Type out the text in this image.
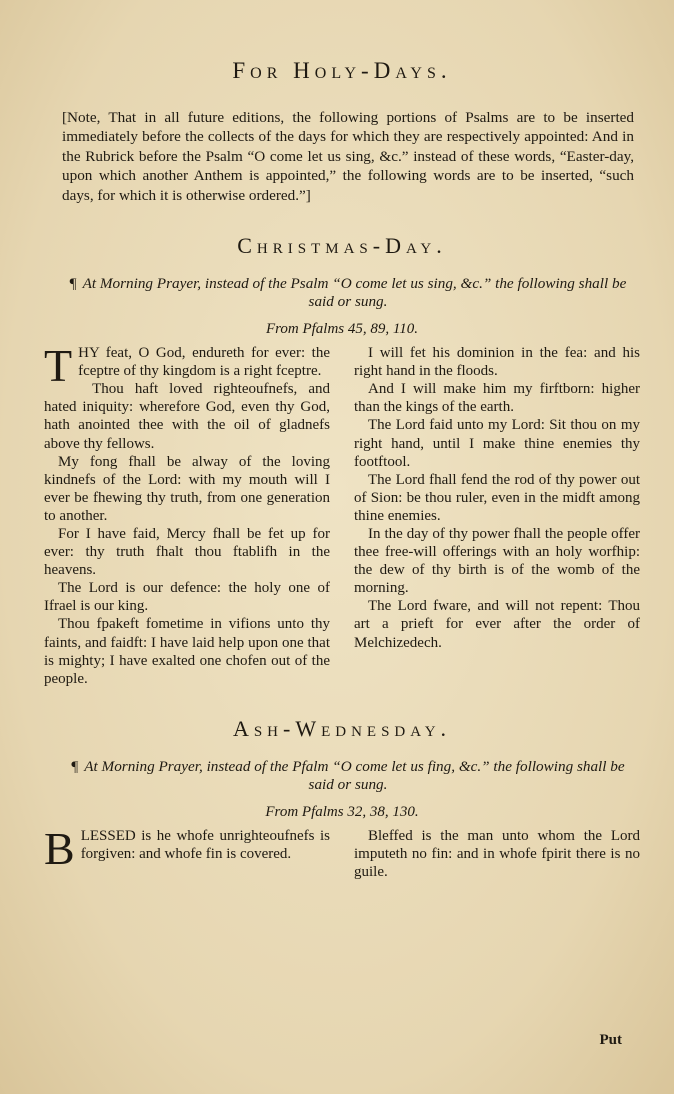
For Holy-Days.
[Note, That in all future editions, the following portions of Psalms are to be inserted immediately before the collects of the days for which they are respectively appointed: And in the Rubrick before the Psalm “O come let us sing, &c.” instead of these words, “Easter-day, upon which another Anthem is appointed,” the following words are to be inserted, “such days, for which it is otherwise ordered.”]
Christmas-Day.
¶ At Morning Prayer, instead of the Psalm “O come let us sing, &c.” the following shall be said or sung.
From Pfalms 45, 89, 110.

THY feat, O God, endureth for ever: the fceptre of thy kingdom is a right fceptre.

Thou haft loved righteoufnefs, and hated iniquity: wherefore God, even thy God, hath anointed thee with the oil of gladnefs above thy fellows.

My fong fhall be alway of the loving kindnefs of the Lord: with my mouth will I ever be fhewing thy truth, from one generation to another.

For I have faid, Mercy fhall be fet up for ever: thy truth fhalt thou ftablifh in the heavens.

The Lord is our defence: the holy one of Ifrael is our king.

Thou fpakeft fometime in vifions unto thy faints, and faidft: I have laid help upon one that is mighty; I have exalted one chofen out of the people.

I will fet his dominion in the fea: and his right hand in the floods.

And I will make him my firftborn: higher than the kings of the earth.

The Lord faid unto my Lord: Sit thou on my right hand, until I make thine enemies thy footftool.

The Lord fhall fend the rod of thy power out of Sion: be thou ruler, even in the midft among thine enemies.

In the day of thy power fhall the people offer thee free-will offerings with an holy worfhip: the dew of thy birth is of the womb of the morning.

The Lord fware, and will not repent: Thou art a prieft for ever after the order of Melchizedech.

Ash-Wednesday.
¶ At Morning Prayer, instead of the Pfalm “O come let us fing, &c.” the following shall be said or sung.
From Pfalms 32, 38, 130.

BLESSED is he whofe unrighteoufnefs is forgiven: and whofe fin is covered.

Bleffed is the man unto whom the Lord imputeth no fin: and in whofe fpirit there is no guile.

Put
